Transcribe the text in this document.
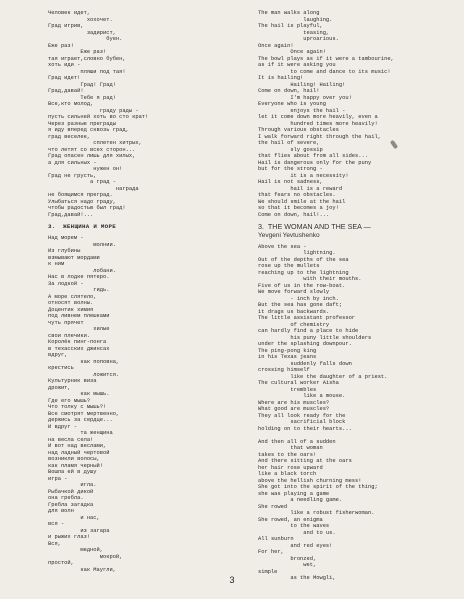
Человек идет,
хохочет.
Град игрив,
задирист,
буен.
Еже раз!
Еже раз!
тая играет,словно бубен,
хоть иди -
пляши под тая!
Град идет!
Град! Град!
Град,давай!
Тебе я рад!
Все,кто молод,
граду рады -
пусть сильней хоть во сто крат!
Через разные преграды
я иду вперед сквозь град,
град веселее,
сплетен хитрых,
что летят со всех сторон...
Град опасен лишь для хилых,
а для сильных -
нужен он!
Град не грусть,
а град -
награда
не боящимся преград.
Улыбаться надо граду,
чтобы радостью был град!
Град,давай!...
3.  ЖЕНЩИНА И МОРЕ
Над морем -
молнии.
Из глубины
взмывают мордами
к ним
лобани.
Нас в лодке пятеро.
За лодкой -
гидь.
А море слятело,
относят волны.
Доцентик химия
под ливнем плешками
чуть прячет
хилые
свои плечики.
Королёк пинг-понга
в техасских джинсах
вдруг,
как поповна,
крестись
ложится.
Культурник виза
дрожит,
как мышь.
Где его мышь?
Что толку с мышь?!
Все смотрят мертвенно,
держись за сердце...
И вдруг -
та женщина
на весла села!
И вот над веслами,
над ладный чертовой
возникли волосы,
как пламя черный!
Вошла ей в душу
игра -
игла.
Рыбачкой дикой
она гребла.
Гребла загадка
для волн
и нас,
вся -
из загара
и рыжих глаз!
Вся,
медной,
мокрой,
простой,
как Маугли,
The man walks along
laughing.
The hail is playful,
teasing,
uproarious.
Once again!
Once again!
The bowl plays as if it were a tambourine,
as if it were asking you
to come and dance to its music!
It is hailing!
Hailing! Hailing!
Come on down, hail!
I'm happy over you!
Everyone who is young
enjoys the hail -
let it come down more heavily, even a
hundred times more heavily!
Through various obstacles
I walk forward right through the hail,
the hail of severe,
sly gossip
that flies about from all sides...
Hail is dangerous only for the puny
but for the strong -
it is a necessity!
Hail is not sadness,
hail is a reward
that fears no obstacles.
We should smile at the hail
so that it becomes a joy!
Come on down, hail!...
3.  THE WOMAN AND THE SEA —
Yevgeni Yevtushenko
Above the sea -
lightning.
Out of the depths of the sea
rose up the mullets
reaching up to the lightning
with their mouths.
Five of us in the row-boat.
We move forward slowly
- inch by inch.
But the sea has gone daft;
it drags us backwards.
The little assistant professor
of chemistry
can hardly find a place to hide
his puny little shoulders
under the splashing downpour.
The ping-pong king
in his Texas jeans
suddenly falls down
crossing himself
like the daughter of a priest.
The cultural worker Aisha
trembles
like a mouse.
Where are his muscles?
What good are muscles?
They all look ready for the
sacrificial block
holding on to their hearts...
And then all of a sudden
that woman
takes to the oars!
And there sitting at the oars
her hair rose upward
like a black torch
above the hellish churning mess!
She got into the spirit of the thing;
she was playing a game
a needling game.
She rowed
like a robust fisherwoman.
She rowed, an enigma
to the waves
and to us.
All sunburn
and red eyes!
For her,
bronzed,
wet,
simple
as the Mowgli,
3
